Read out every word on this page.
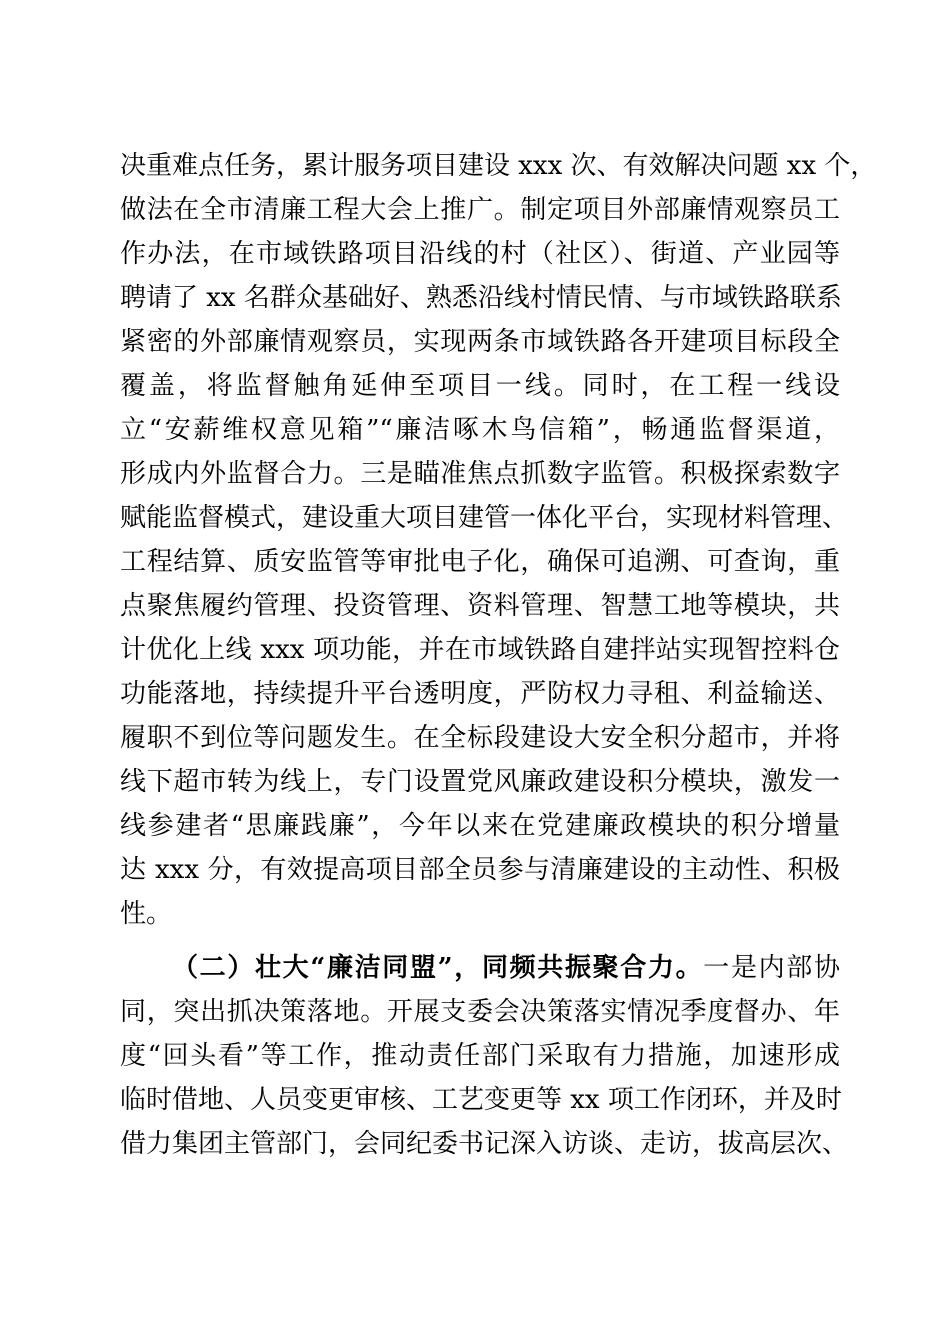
决重难点任务，累计服务项目建设 xxx 次、有效解决问题 xx 个，
做法在全市清廉工程大会上推广。制定项目外部廉情观察员工
作办法，在市域铁路项目沿线的村（社区）、街道、产业园等
聘请了 xx 名群众基础好、熟悉沿线村情民情、与市域铁路联系
紧密的外部廉情观察员，实现两条市域铁路各开建项目标段全
覆盖，将监督触角延伸至项目一线。同时，在工程一线设
立“安薪维权意见箱”“廉洁啄木鸟信箱”，畅通监督渠道，
形成内外监督合力。三是瞄准焦点抓数字监管。积极探索数字
赋能监督模式，建设重大项目建管一体化平台，实现材料管理、
工程结算、质安监管等审批电子化，确保可追溯、可查询，重
点聚焦履约管理、投资管理、资料管理、智慧工地等模块，共
计优化上线 xxx 项功能，并在市域铁路自建拌站实现智控料仓
功能落地，持续提升平台透明度，严防权力寻租、利益输送、
履职不到位等问题发生。在全标段建设大安全积分超市，并将
线下超市转为线上，专门设置党风廉政建设积分模块，激发一
线参建者“思廉践廉”，今年以来在党建廉政模块的积分增量
达 xxx 分，有效提高项目部全员参与清廉建设的主动性、积极
性。
（二）壮大“廉洁同盟”，同频共振聚合力。一是内部协
同，突出抓决策落地。开展支委会决策落实情况季度督办、年
度“回头看”等工作，推动责任部门采取有力措施，加速形成
临时借地、人员变更审核、工艺变更等 xx 项工作闭环，并及时
借力集团主管部门，会同纪委书记深入访谈、走访，拔高层次、
